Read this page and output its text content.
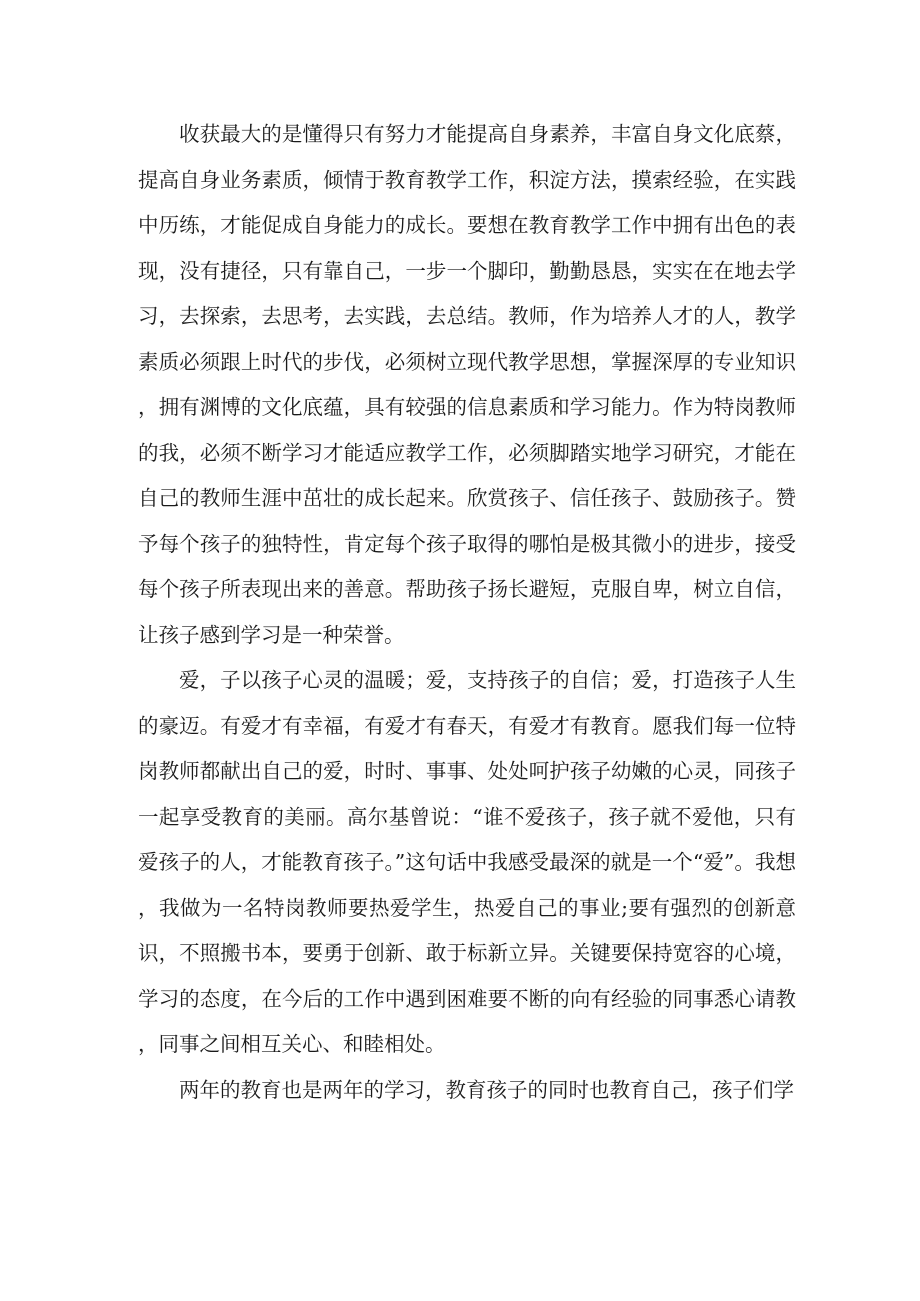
收获最大的是懂得只有努力才能提高自身素养，丰富自身文化底蔡，提高自身业务素质，倾情于教育教学工作，积淀方法，摸索经验，在实践中历练，才能促成自身能力的成长。要想在教育教学工作中拥有出色的表现，没有捷径，只有靠自己，一步一个脚印，勤勤恳恳，实实在在地去学习，去探索，去思考，去实践，去总结。教师，作为培养人才的人，教学素质必须跟上时代的步伐，必须树立现代教学思想，掌握深厚的专业知识，拥有渊博的文化底蕴，具有较强的信息素质和学习能力。作为特岗教师的我，必须不断学习才能适应教学工作，必须脚踏实地学习研究，才能在自己的教师生涯中茁壮的成长起来。欣赏孩子、信任孩子、鼓励孩子。赞予每个孩子的独特性，肯定每个孩子取得的哪怕是极其微小的进步，接受每个孩子所表现出来的善意。帮助孩子扬长避短，克服自卑，树立自信，让孩子感到学习是一种荣誉。

爱，子以孩子心灵的温暖；爱，支持孩子的自信；爱，打造孩子人生的豪迈。有爱才有幸福，有爱才有春天，有爱才有教育。愿我们每一位特岗教师都献出自己的爱，时时、事事、处处呵护孩子幼嫩的心灵，同孩子一起享受教育的美丽。高尔基曾说：“谁不爱孩子，孩子就不爱他，只有爱孩子的人，才能教育孩子。”这句话中我感受最深的就是一个“爱”。我想，我做为一名特岗教师要热爱学生，热爱自己的事业;要有强烈的创新意识，不照搬书本，要勇于创新、敢于标新立异。关键要保持宽容的心境，学习的态度，在今后的工作中遇到困难要不断的向有经验的同事悉心请教，同事之间相互关心、和睦相处。

两年的教育也是两年的学习，教育孩子的同时也教育自己，孩子们学
